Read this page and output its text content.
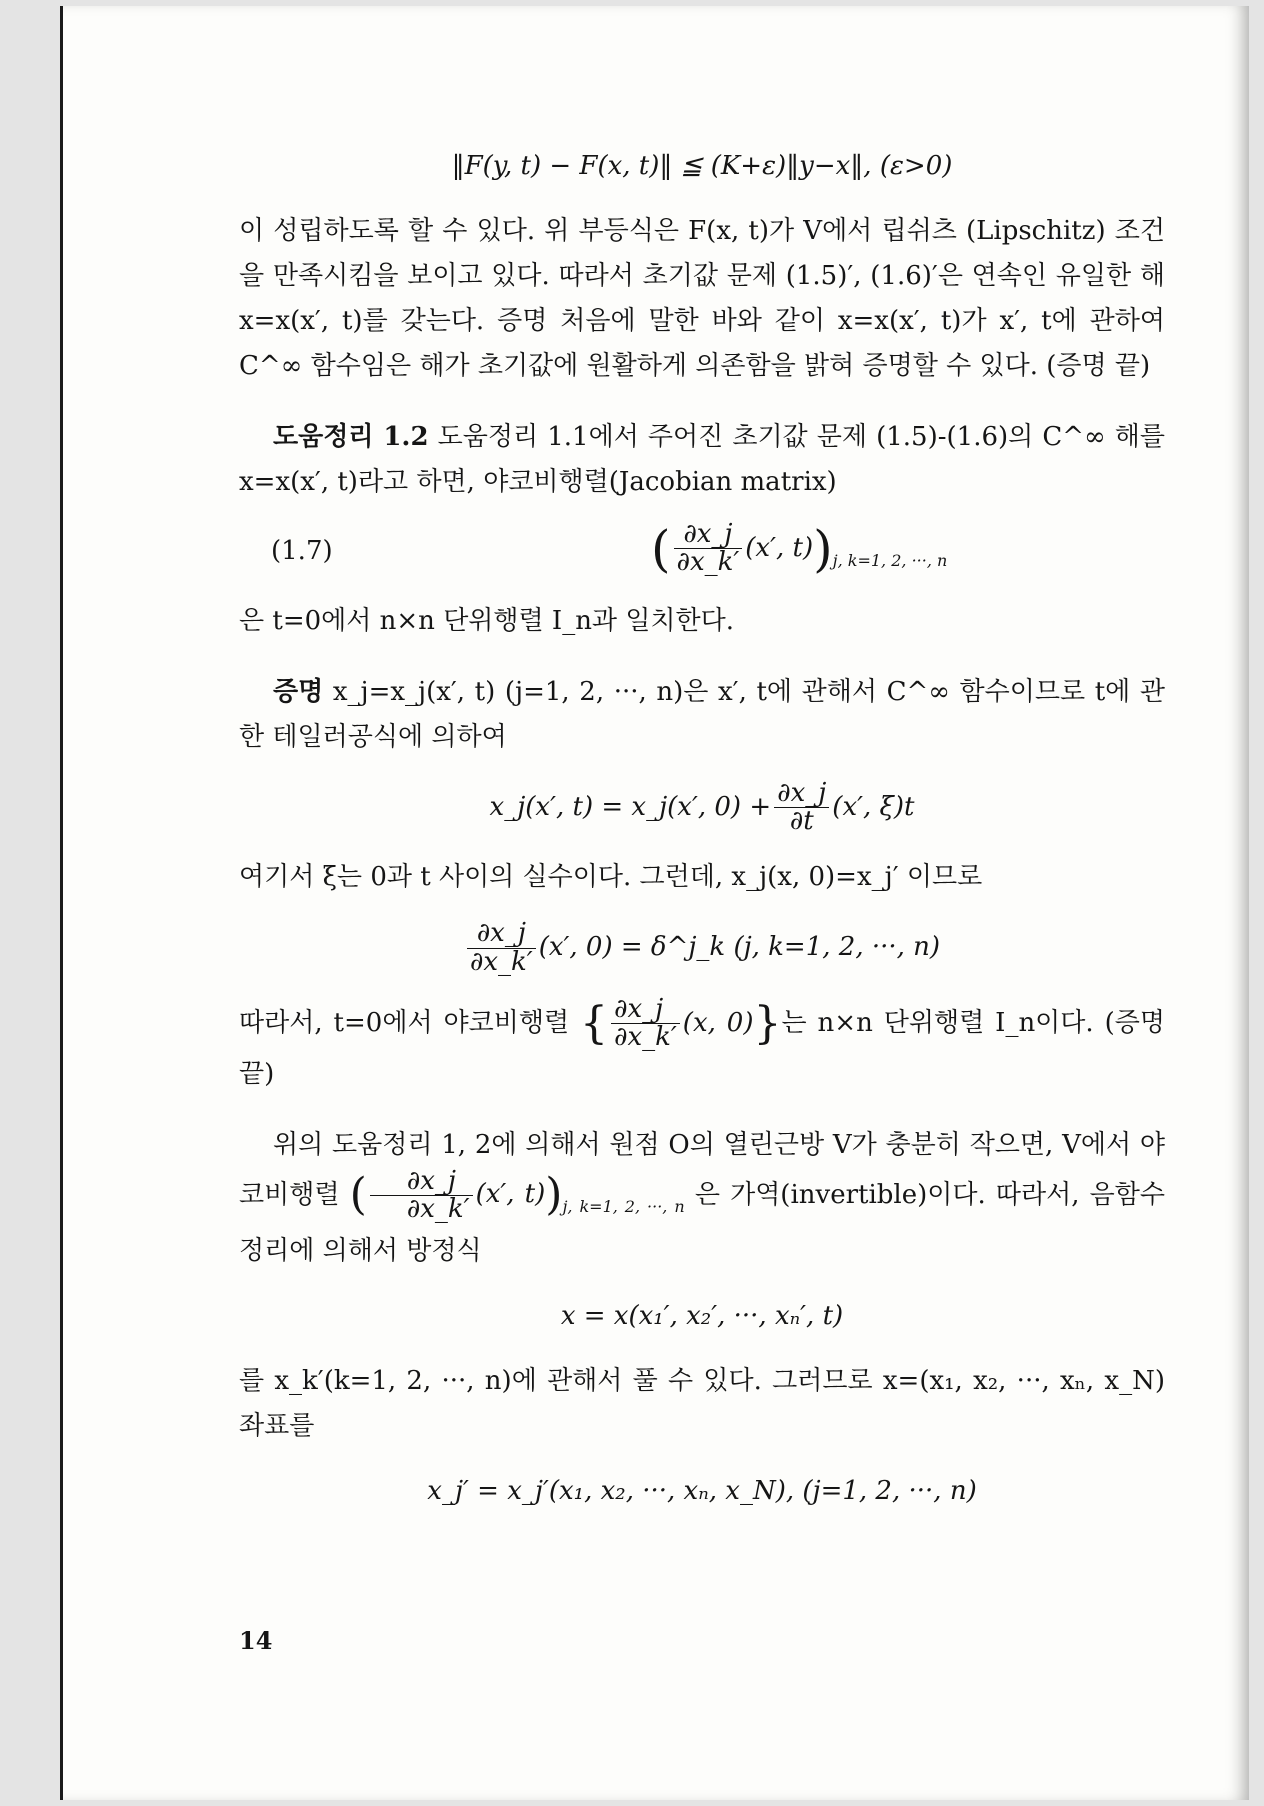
‖F(y, t) − F(x, t)‖ ≦ (K+ε)‖y−x‖, (ε>0)

이 성립하도록 할 수 있다. 위 부등식은 F(x, t)가 V에서 립쉬츠 (Lipschitz) 조건을 만족시킴을 보이고 있다. 따라서 초기값 문제 (1.5)′, (1.6)′은 연속인 유일한 해 x=x(x′, t)를 갖는다. 증명 처음에 말한 바와 같이 x=x(x′, t)가 x′, t에 관하여 C^∞ 함수임은 해가 초기값에 원활하게 의존함을 밝혀 증명할 수 있다. (증명 끝)

도움정리 1.2 도움정리 1.1에서 주어진 초기값 문제 (1.5)-(1.6)의 C^∞ 해를 x=x(x′, t)라고 하면, 야코비행렬(Jacobian matrix)

(1.7)	( $\frac{\partial x\_j}{\partial x\_k'} (x'$, $t))_{j, k=1, 2, \cdot\cdot\cdot, n}$

은 t=0에서 n×n 단위행렬 I_n과 일치한다.

증명 x_j=x_j(x′, t) (j=1, 2, ···, n)은 x′, t에 관해서 C^∞ 함수이므로 t에 관한 테일러공식에 의하여

x_j(x′, t) = x_j(x′, $0) + \frac{\partial x\_j}{\partial t} (x'$, ξ)t

여기서 ξ는 0과 t 사이의 실수이다. 그런데, x_j(x, 0)=x_j′ 이므로

$\frac{\partial x\_j}{\partial x\_k'} (x'$, 0) = δ^j_k (j, k=1, 2, ···, n)

따라서, t=0에서 야코비행렬 { $\frac{\partial x\_j}{\partial x\_k'} (x$, 0)}는 n×n 단위행렬 I_n이다. (증명 끝)

위의 도움정리 1, 2에 의해서 원점 O의 열린근방 V가 충분히 작으면, V에서 야코비행렬 ( $\frac{\partial x\_j}{\partial x\_k'} (x'$, $t))_{j, k=1, 2, \cdot\cdot\cdot, n}$ 은 가역(invertible)이다. 따라서, 음함수정리에 의해서 방정식

x = x(x₁′, x₂′, ···, xₙ′, t)

를 x_k′(k=1, 2, ···, n)에 관해서 풀 수 있다. 그러므로 x=(x₁, x₂, ···, xₙ, x_N) 좌표를

x_j′ = x_j′(x₁, x₂, ···, xₙ, x_N), (j=1, 2, ···, n)
14
